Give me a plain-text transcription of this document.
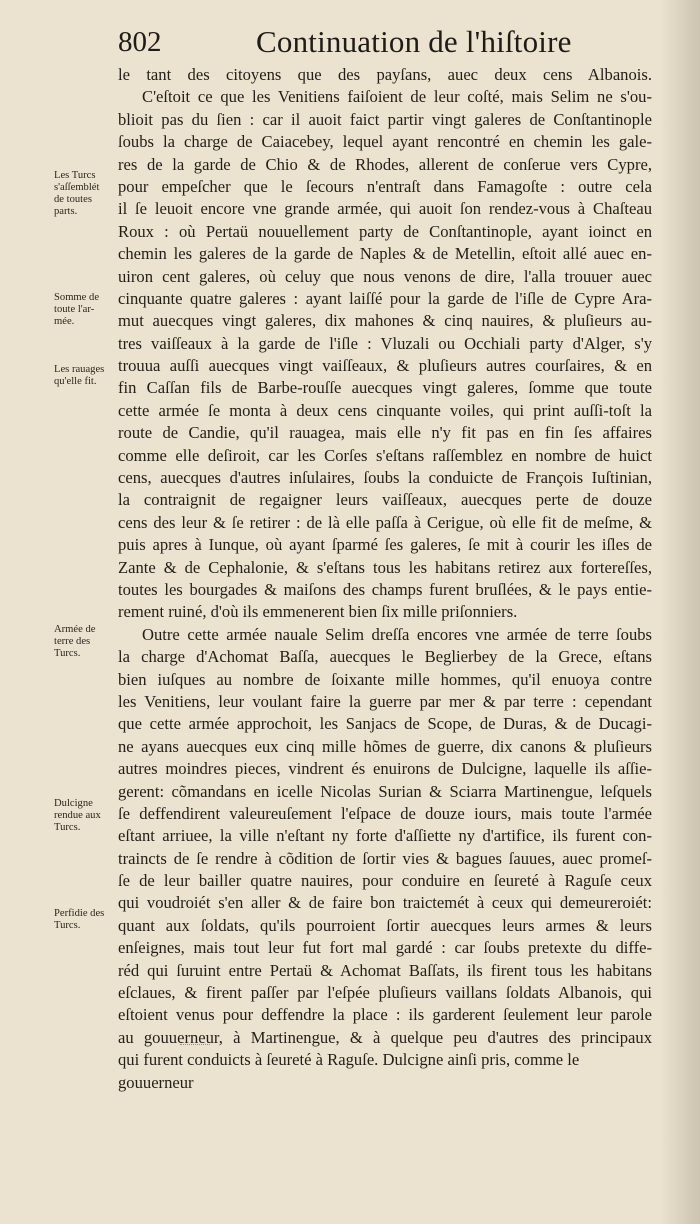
802	Continuation de l'hiſtoire
le tant des citoyens que des payſans, auec deux cens Albanois.
C'eſtoit ce que les Venitiens faiſoient de leur coſté, mais Selim ne s'ou-
blioit pas du ſien : car il auoit faict partir vingt galeres de Conſtantinople
ſoubs la charge de Caiacebey, lequel ayant rencontré en chemin les gale-
res de la garde de Chio & de Rhodes, allerent de conſerue vers Cypre,
pour empeſcher que le ſecours n'entraſt dans Famagoſte : outre cela
il ſe leuoit encore vne grande armée, qui auoit ſon rendez-vous à Chaſteau
Roux : où Pertaü nouuellement party de Conſtantinople, ayant ioinct en
chemin les galeres de la garde de Naples & de Metellin, eſtoit allé auec en-
uiron cent galeres, où celuy que nous venons de dire, l'alla trouuer auec
cinquante quatre galeres : ayant laiſſé pour la garde de l'iſle de Cypre Ara-
mut auecques vingt galeres, dix mahones & cinq nauires, & pluſieurs au-
tres vaiſſeaux à la garde de l'iſle : Vluzali ou Occhiali party d'Alger, s'y
trouua auſſi auecques vingt vaiſſeaux, & pluſieurs autres courſaires, & en
fin Caſſan fils de Barbe-rouſſe auecques vingt galeres, ſomme que toute
cette armée ſe monta à deux cens cinquante voiles, qui print auſſi-toſt la
route de Candie, qu'il rauagea, mais elle n'y fit pas en fin ſes affaires
comme elle deſiroit, car les Corſes s'eſtans raſſemblez en nombre de huict
cens, auecques d'autres inſulaires, ſoubs la conduicte de François Iuſtinian,
la contraignit de regaigner leurs vaiſſeaux, auecques perte de douze
cens des leur & ſe retirer : de là elle paſſa à Cerigue, où elle fit de meſme, &
puis apres à Iunque, où ayant ſparmé ſes galeres, ſe mit à courir les iſles de
Zante & de Cephalonie, & s'eſtans tous les habitans retirez aux fortereſſes,
toutes les bourgades & maiſons des champs furent bruſlées, & le pays entie-
rement ruiné, d'où ils emmenerent bien ſix mille priſonniers.
Outre cette armée nauale Selim dreſſa encores vne armée de terre ſoubs
la charge d'Achomat Baſſa, auecques le Beglierbey de la Grece, eſtans
bien iuſques au nombre de ſoixante mille hommes, qu'il enuoya contre
les Venitiens, leur voulant faire la guerre par mer & par terre : cependant
que cette armée approchoit, les Sanjacs de Scope, de Duras, & de Ducagi-
ne ayans auecques eux cinq mille hõmes de guerre, dix canons & pluſieurs
autres moindres pieces, vindrent és enuirons de Dulcigne, laquelle ils aſſie-
gerent: cõmandans en icelle Nicolas Surian & Sciarra Martinengue, leſquels
ſe deffendirent valeureuſement l'eſpace de douze iours, mais toute l'armée
eſtant arriuee, la ville n'eſtant ny forte d'aſſiette ny d'artifice, ils furent con-
traincts de ſe rendre à cõdition de ſortir vies & bagues ſauues, auec promeſ-
ſe de leur bailler quatre nauires, pour conduire en ſeureté à Raguſe ceux
qui voudroiét s'en aller & de faire bon traictemét à ceux qui demeureroiét:
quant aux ſoldats, qu'ils pourroient ſortir auecques leurs armes & leurs
enſeignes, mais tout leur fut fort mal gardé : car ſoubs pretexte du diffe-
réd qui ſuruint entre Pertaü & Achomat Baſſats, ils firent tous les habitans
eſclaues, & firent paſſer par l'eſpée pluſieurs vaillans ſoldats Albanois, qui
eſtoient venus pour deffendre la place : ils garderent ſeulement leur parole
au gouuerneur, à Martinengue, & à quelque peu d'autres des principaux
qui furent conduicts à ſeureté à Raguſe. Dulcigne ainſi pris, comme le
gouuerneur
Les Turcs
s'aſſemblét
de toutes
parts.
Somme de
toute l'ar-
mée.
Les rauages
qu'elle fit.
Armée de
terre des
Turcs.
Dulcigne
rendue aux
Turcs.
Perfidie des
Turcs.
